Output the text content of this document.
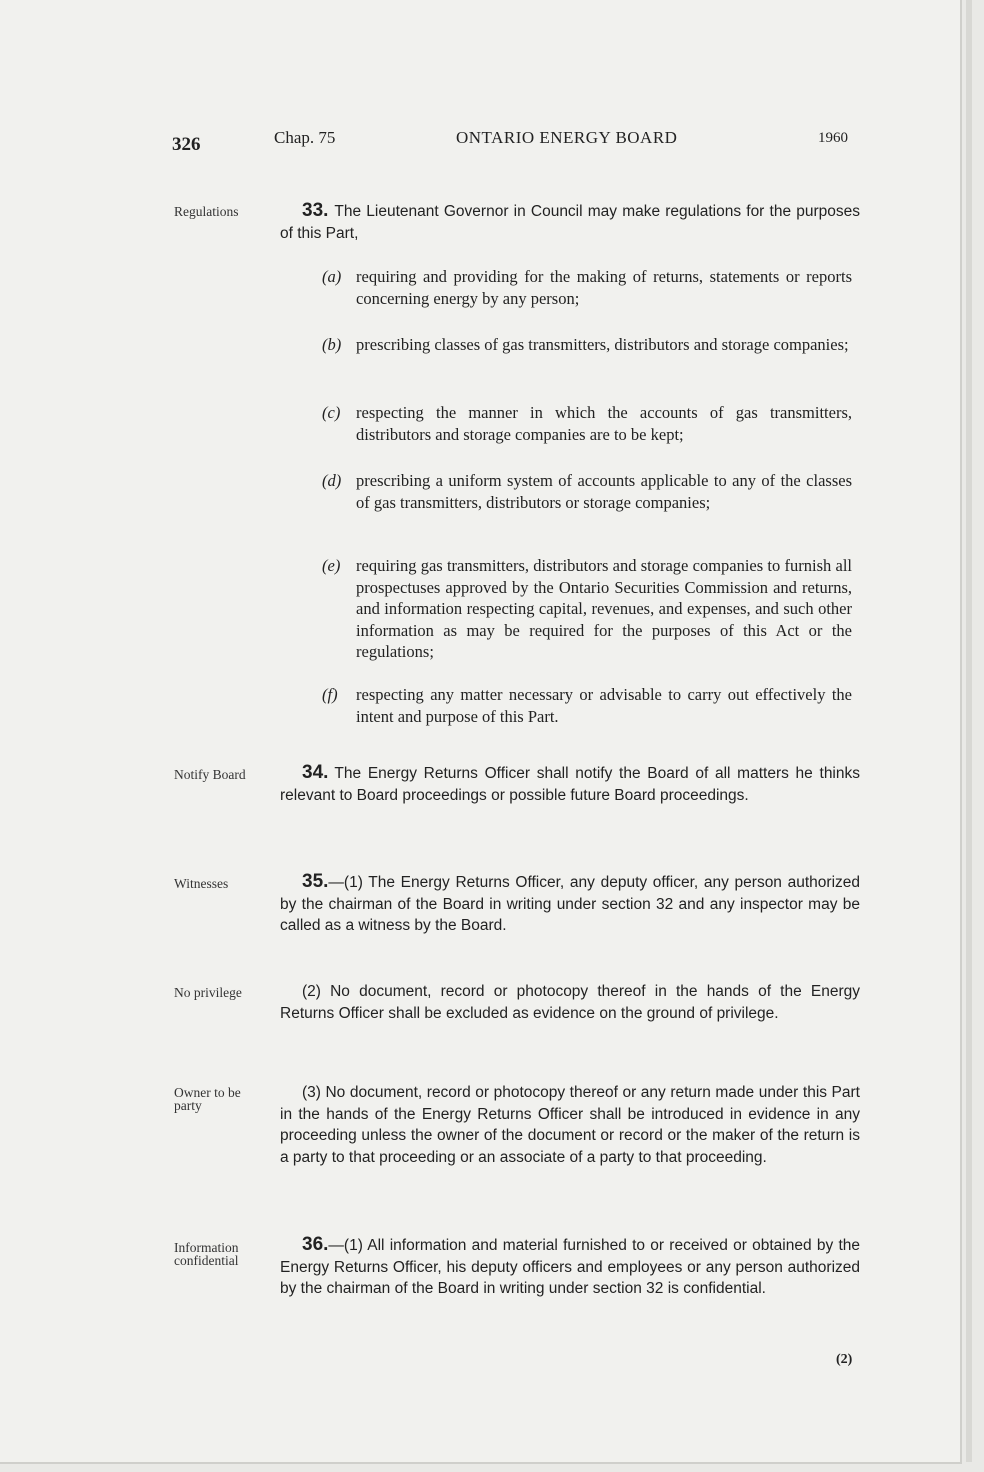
326	Chap. 75	ONTARIO ENERGY BOARD	1960
Regulations	33. The Lieutenant Governor in Council may make regulations for the purposes of this Part,
(a) requiring and providing for the making of returns, statements or reports concerning energy by any person;
(b) prescribing classes of gas transmitters, distributors and storage companies;
(c) respecting the manner in which the accounts of gas transmitters, distributors and storage companies are to be kept;
(d) prescribing a uniform system of accounts applicable to any of the classes of gas transmitters, distributors or storage companies;
(e) requiring gas transmitters, distributors and storage companies to furnish all prospectuses approved by the Ontario Securities Commission and returns, and information respecting capital, revenues, and expenses, and such other information as may be required for the purposes of this Act or the regulations;
(f) respecting any matter necessary or advisable to carry out effectively the intent and purpose of this Part.
Notify Board	34. The Energy Returns Officer shall notify the Board of all matters he thinks relevant to Board proceedings or possible future Board proceedings.
Witnesses	35.—(1) The Energy Returns Officer, any deputy officer, any person authorized by the chairman of the Board in writing under section 32 and any inspector may be called as a witness by the Board.
No privilege	(2) No document, record or photocopy thereof in the hands of the Energy Returns Officer shall be excluded as evidence on the ground of privilege.
Owner to be party
(3) No document, record or photocopy thereof or any return made under this Part in the hands of the Energy Returns Officer shall be introduced in evidence in any proceeding unless the owner of the document or record or the maker of the return is a party to that proceeding or an associate of a party to that proceeding.
Information confidential
36.—(1) All information and material furnished to or received or obtained by the Energy Returns Officer, his deputy officers and employees or any person authorized by the chairman of the Board in writing under section 32 is confidential.
(2)
